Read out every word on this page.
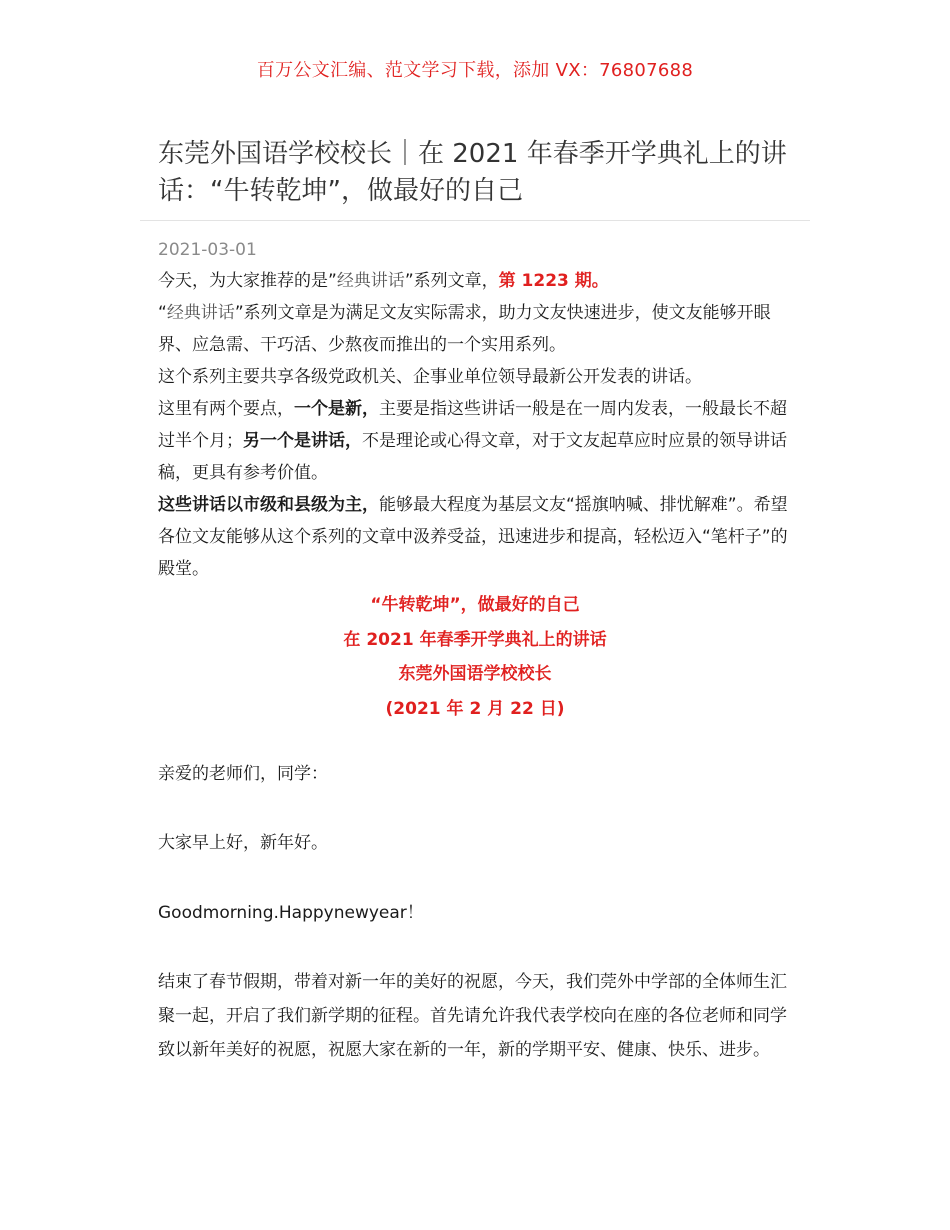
百万公文汇编、范文学习下载，添加 VX：76807688
东莞外国语学校校长｜在 2021 年春季开学典礼上的讲话：“牛转乾坤”，做最好的自己
2021-03-01

今天，为大家推荐的是”经典讲话”系列文章，第 1223 期。

“经典讲话”系列文章是为满足文友实际需求，助力文友快速进步，使文友能够开眼界、应急需、干巧活、少熬夜而推出的一个实用系列。

这个系列主要共享各级党政机关、企事业单位领导最新公开发表的讲话。

这里有两个要点，一个是新，主要是指这些讲话一般是在一周内发表，一般最长不超过半个月；另一个是讲话，不是理论或心得文章，对于文友起草应时应景的领导讲话稿，更具有参考价值。

这些讲话以市级和县级为主，能够最大程度为基层文友“摇旗呐喊、排忧解难”。希望各位文友能够从这个系列的文章中汲养受益，迅速进步和提高，轻松迈入“笔杆子”的殿堂。

“牛转乾坤”，做最好的自己
在 2021 年春季开学典礼上的讲话
东莞外国语学校校长
(2021 年 2 月 22 日)

亲爱的老师们，同学：

大家早上好，新年好。

Goodmorning.Happynewyear！

结束了春节假期，带着对新一年的美好的祝愿，今天，我们莞外中学部的全体师生汇聚一起，开启了我们新学期的征程。首先请允许我代表学校向在座的各位老师和同学致以新年美好的祝愿，祝愿大家在新的一年，新的学期平安、健康、快乐、进步。
